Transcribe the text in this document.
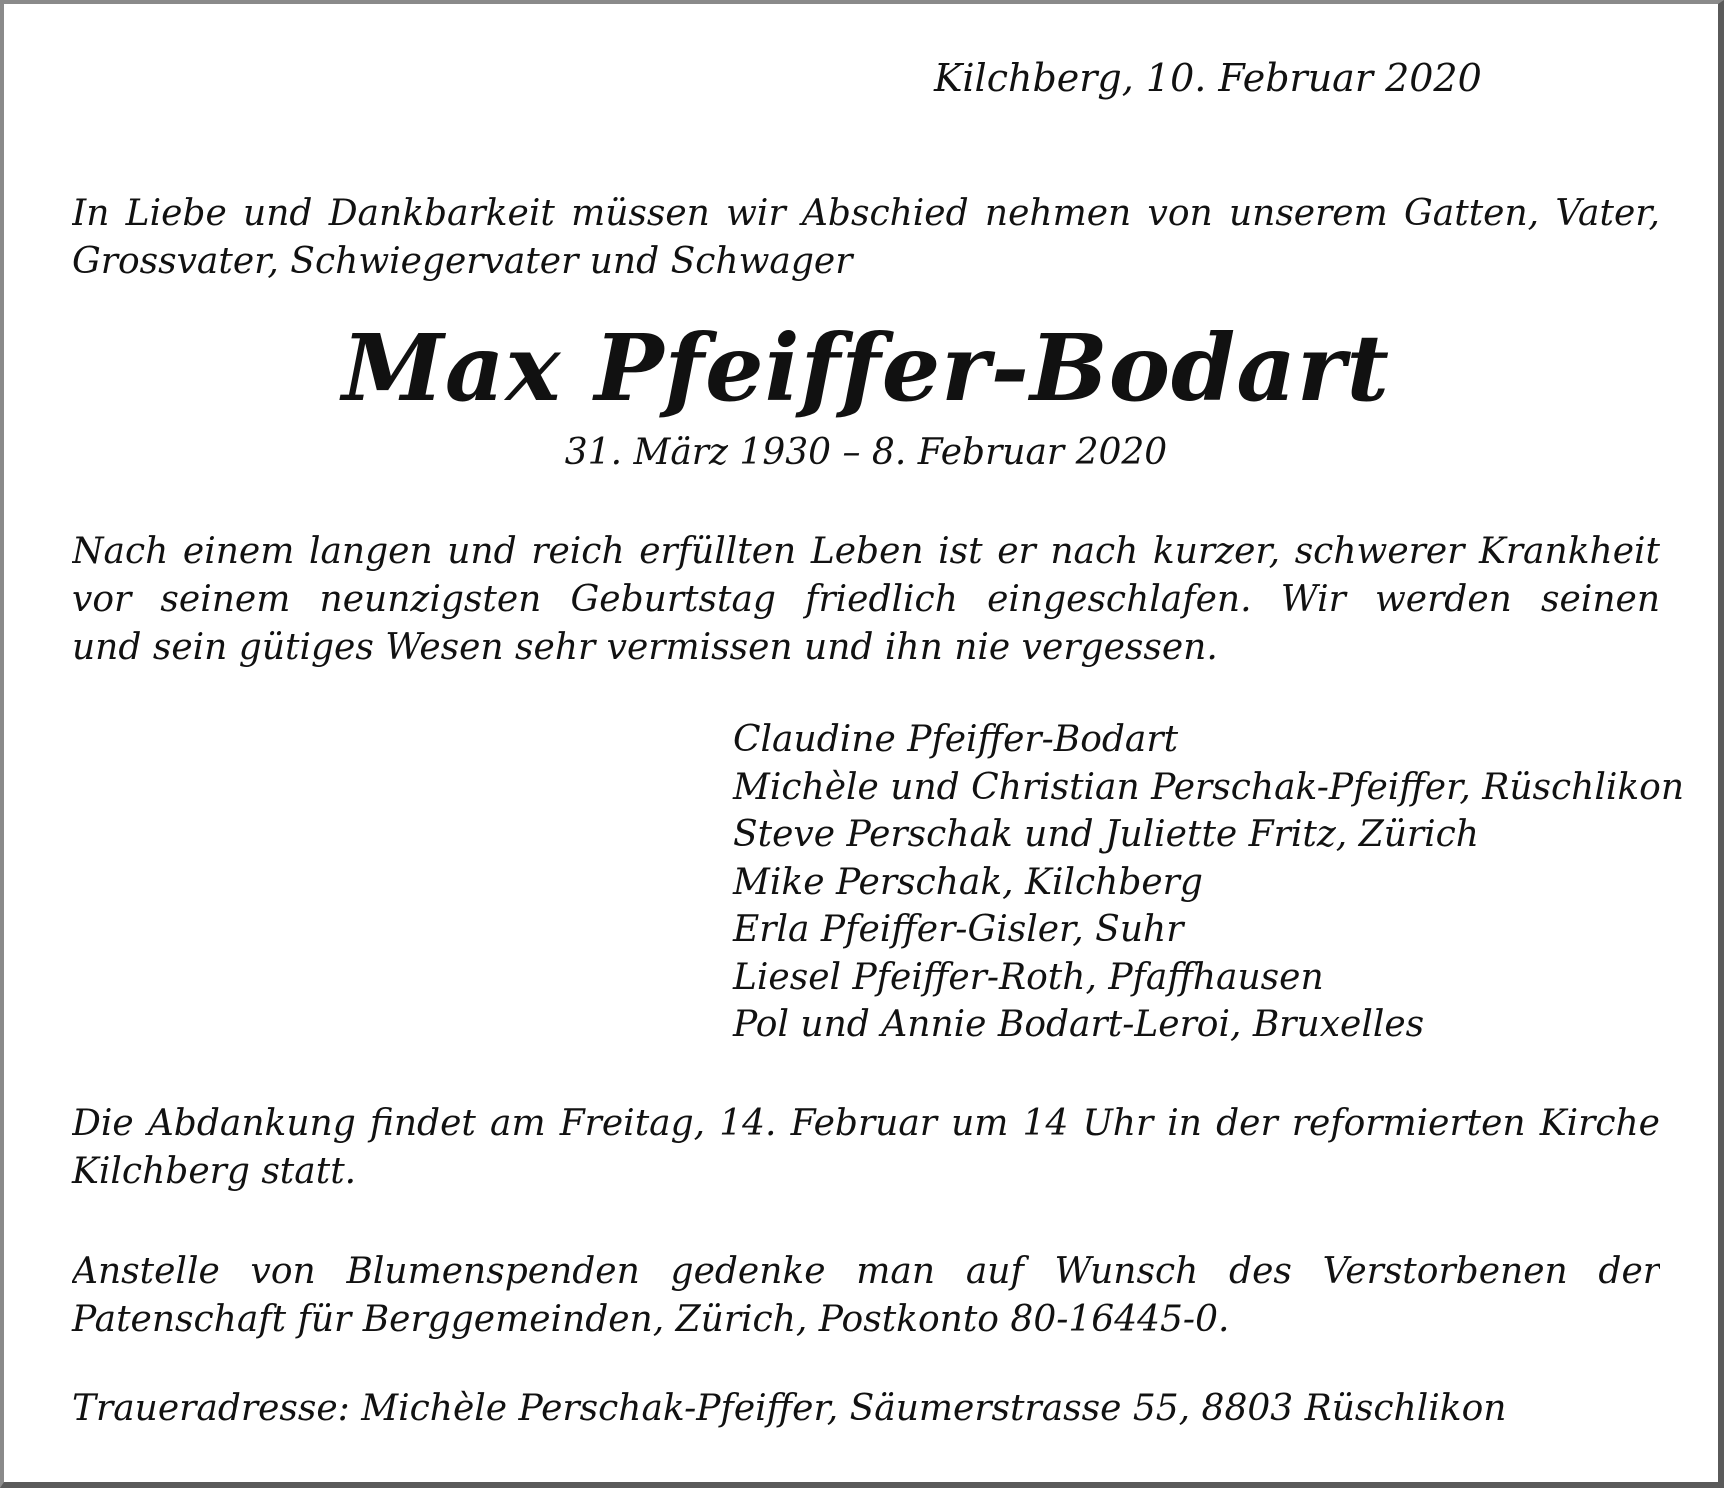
Kilchberg, 10. Februar 2020

In Liebe und Dankbarkeit müssen wir Abschied nehmen von unserem Gatten, Vater,
Grossvater, Schwiegervater und Schwager
Max Pfeiffer-Bodart

31. März 1930 – 8. Februar 2020

Nach einem langen und reich erfüllten Leben ist er nach kurzer, schwerer Krankheit
vor seinem neunzigsten Geburtstag friedlich eingeschlafen. Wir werden seinen
und sein gütiges Wesen sehr vermissen und ihn nie vergessen.
Claudine Pfeiffer-Bodart
Michèle und Christian Perschak-Pfeiffer, Rüschlikon
Steve Perschak und Juliette Fritz, Zürich
Mike Perschak, Kilchberg
Erla Pfeiffer-Gisler, Suhr
Liesel Pfeiffer-Roth, Pfaffhausen
Pol und Annie Bodart-Leroi, Bruxelles
Die Abdankung findet am Freitag, 14. Februar um 14 Uhr in der reformierten Kirche
Kilchberg statt.
Anstelle von Blumenspenden gedenke man auf Wunsch des Verstorbenen der
Patenschaft für Berggemeinden, Zürich, Postkonto 80-16445-0.

Traueradresse: Michèle Perschak-Pfeiffer, Säumerstrasse 55, 8803 Rüschlikon
